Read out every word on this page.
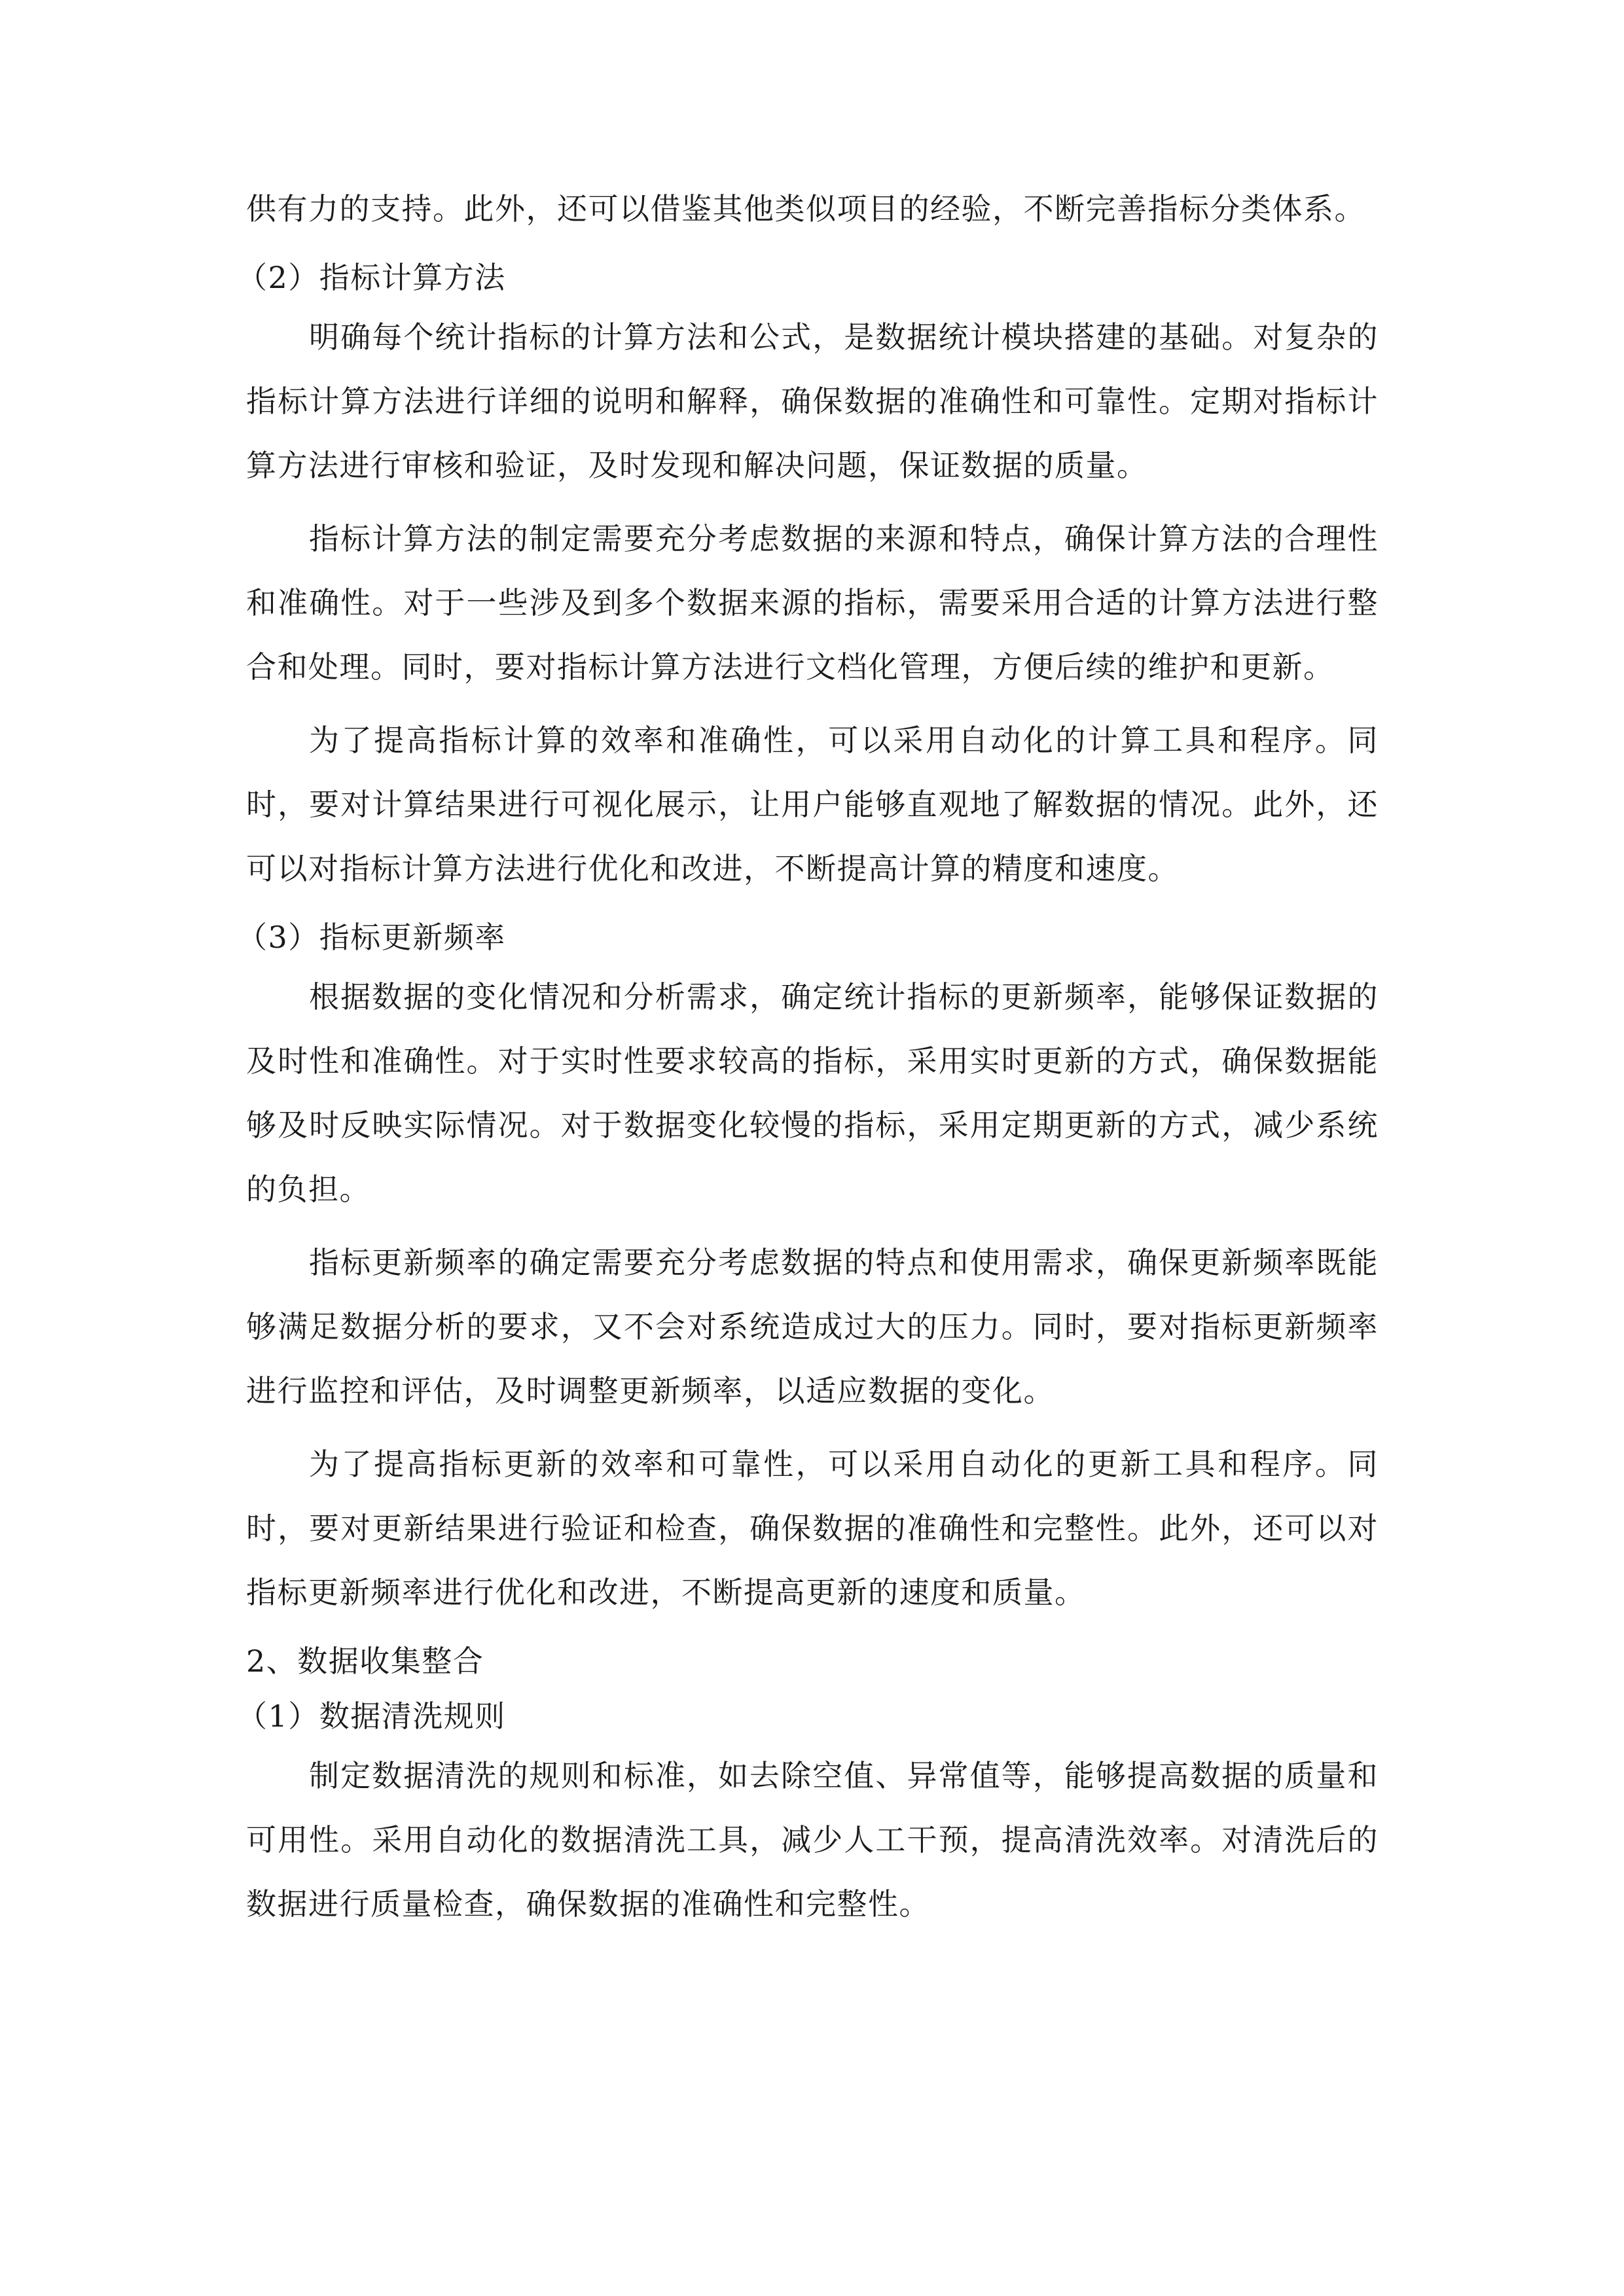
供有力的支持。此外，还可以借鉴其他类似项目的经验，不断完善指标分类体系。

（2）指标计算方法

明确每个统计指标的计算方法和公式，是数据统计模块搭建的基础。对复杂的指标计算方法进行详细的说明和解释，确保数据的准确性和可靠性。定期对指标计算方法进行审核和验证，及时发现和解决问题，保证数据的质量。

指标计算方法的制定需要充分考虑数据的来源和特点，确保计算方法的合理性和准确性。对于一些涉及到多个数据来源的指标，需要采用合适的计算方法进行整合和处理。同时，要对指标计算方法进行文档化管理，方便后续的维护和更新。

为了提高指标计算的效率和准确性，可以采用自动化的计算工具和程序。同时，要对计算结果进行可视化展示，让用户能够直观地了解数据的情况。此外，还可以对指标计算方法进行优化和改进，不断提高计算的精度和速度。

（3）指标更新频率

根据数据的变化情况和分析需求，确定统计指标的更新频率，能够保证数据的及时性和准确性。对于实时性要求较高的指标，采用实时更新的方式，确保数据能够及时反映实际情况。对于数据变化较慢的指标，采用定期更新的方式，减少系统的负担。

指标更新频率的确定需要充分考虑数据的特点和使用需求，确保更新频率既能够满足数据分析的要求，又不会对系统造成过大的压力。同时，要对指标更新频率进行监控和评估，及时调整更新频率，以适应数据的变化。

为了提高指标更新的效率和可靠性，可以采用自动化的更新工具和程序。同时，要对更新结果进行验证和检查，确保数据的准确性和完整性。此外，还可以对指标更新频率进行优化和改进，不断提高更新的速度和质量。

2、数据收集整合
（1）数据清洗规则

制定数据清洗的规则和标准，如去除空值、异常值等，能够提高数据的质量和可用性。采用自动化的数据清洗工具，减少人工干预，提高清洗效率。对清洗后的数据进行质量检查，确保数据的准确性和完整性。
